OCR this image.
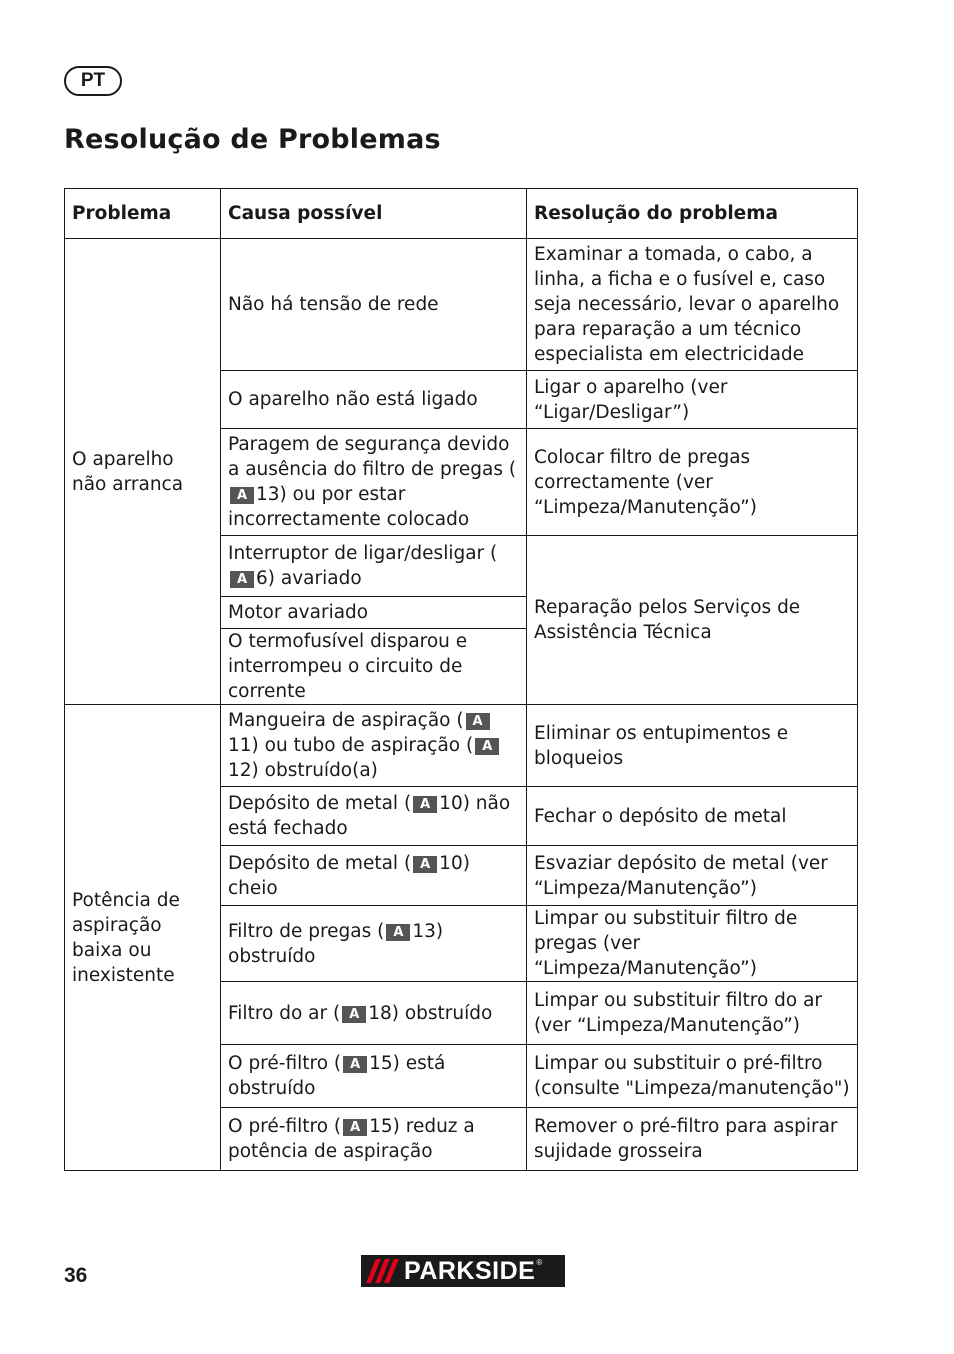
PT
Resolução de Problemas
Problema	Causa possível	Resolução do problema
O aparelho não arranca	Não há tensão de rede	Examinar a tomada, o cabo, a linha, a ficha e o fusível e, caso seja necessário, levar o aparelho para reparação a um técnico especialista em electricidade
	O aparelho não está ligado	Ligar o aparelho (ver “Ligar/Desligar”)
	Paragem de segurança devido a ausência do filtro de pregas (A 13) ou por estar incorrectamente colocado	Colocar filtro de pregas correctamente (ver “Limpeza/Manutenção”)
	Interruptor de ligar/desligar (A 6) avariado	Reparação pelos Serviços de Assistência Técnica
	Motor avariado	
	O termofusível disparou e interrompeu o circuito de corrente	
Potência de aspiração baixa ou inexistente	Mangueira de aspiração ( A11) ou tubo de aspiração ( A12) obstruído(a)	Eliminar os entupimentos e bloqueios
	Depósito de metal ( A 10) não está fechado	Fechar o depósito de metal
	Depósito de metal ( A 10) cheio	Esvaziar depósito de metal (ver “Limpeza/Manutenção”)
	Filtro de pregas ( A 13) obstruído	Limpar ou substituir filtro de pregas (ver “Limpeza/Manutenção”)
	Filtro do ar ( A 18) obstruído	Limpar ou substituir filtro do ar (ver “Limpeza/Manutenção”)
	O pré-filtro ( A 15) está obstruído	Limpar ou substituir o pré-filtro (consulte "Limpeza/manutenção")
	O pré-filtro ( A 15) reduz a potência de aspiração	Remover o pré-filtro para aspirar sujidade grosseira
36	PARKSIDE ®
